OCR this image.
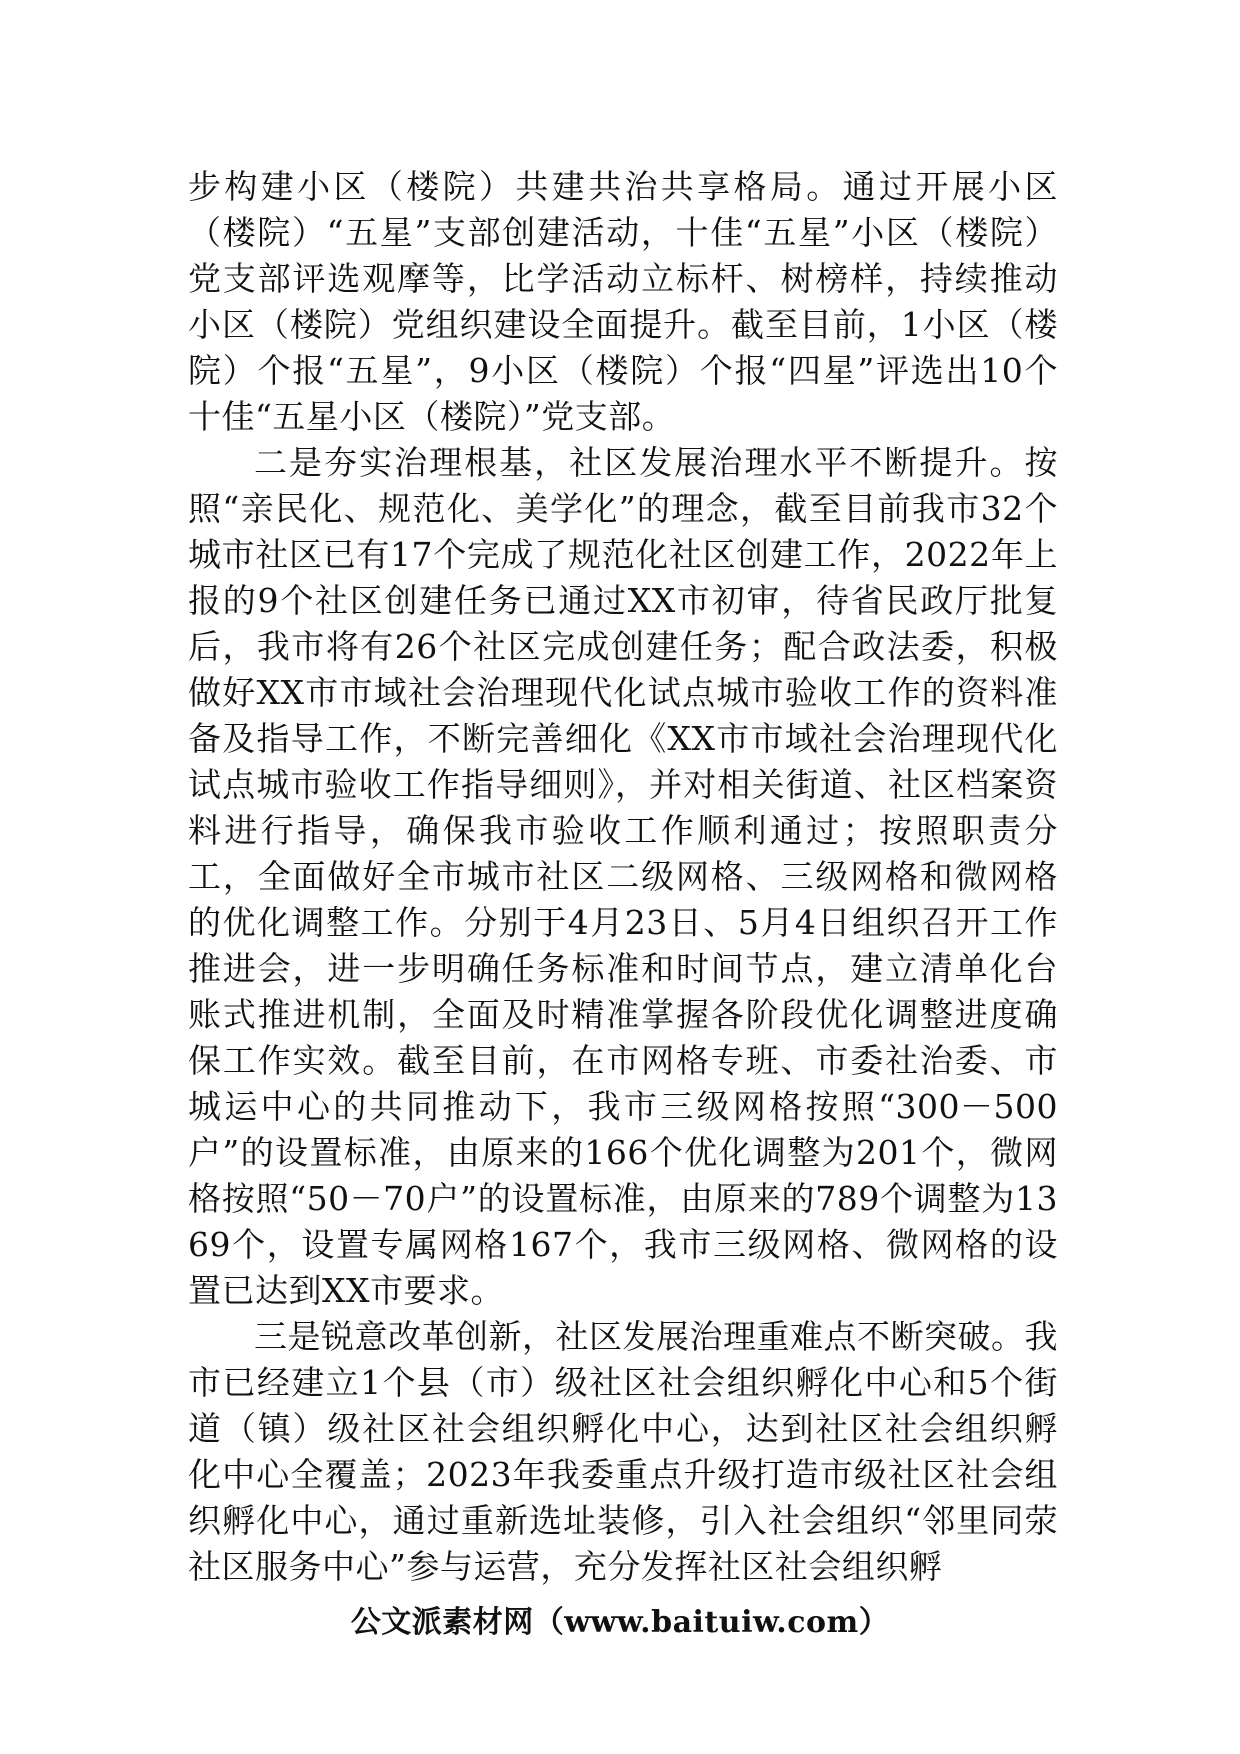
步构建小区（楼院）共建共治共享格局。通过开展小区（楼院）“五星”支部创建活动，十佳“五星”小区（楼院）党支部评选观摩等，比学活动立标杆、树榜样，持续推动小区（楼院）党组织建设全面提升。截至目前，1小区（楼院）个报“五星”，9小区（楼院）个报“四星”评选出10个十佳“五星小区（楼院）”党支部。

二是夯实治理根基，社区发展治理水平不断提升。按照“亲民化、规范化、美学化”的理念，截至目前我市32个城市社区已有17个完成了规范化社区创建工作，2022年上报的9个社区创建任务已通过XX市初审，待省民政厅批复后，我市将有26个社区完成创建任务；配合政法委，积极做好XX市市域社会治理现代化试点城市验收工作的资料准备及指导工作，不断完善细化《XX市市域社会治理现代化试点城市验收工作指导细则》，并对相关街道、社区档案资料进行指导，确保我市验收工作顺利通过；按照职责分工，全面做好全市城市社区二级网格、三级网格和微网格的优化调整工作。分别于4月23日、5月4日组织召开工作推进会，进一步明确任务标准和时间节点，建立清单化台账式推进机制，全面及时精准掌握各阶段优化调整进度确保工作实效。截至目前，在市网格专班、市委社治委、市城运中心的共同推动下，我市三级网格按照“300－500户”的设置标准，由原来的166个优化调整为201个，微网格按照“50－70户”的设置标准，由原来的789个调整为1369个，设置专属网格167个，我市三级网格、微网格的设置已达到XX市要求。

三是锐意改革创新，社区发展治理重难点不断突破。我市已经建立1个县（市）级社区社会组织孵化中心和5个街道（镇）级社区社会组织孵化中心，达到社区社会组织孵化中心全覆盖；2023年我委重点升级打造市级社区社会组织孵化中心，通过重新选址装修，引入社会组织“邻里同荥社区服务中心”参与运营，充分发挥社区社会组织孵

公文派素材网（www.baituiw.com）
